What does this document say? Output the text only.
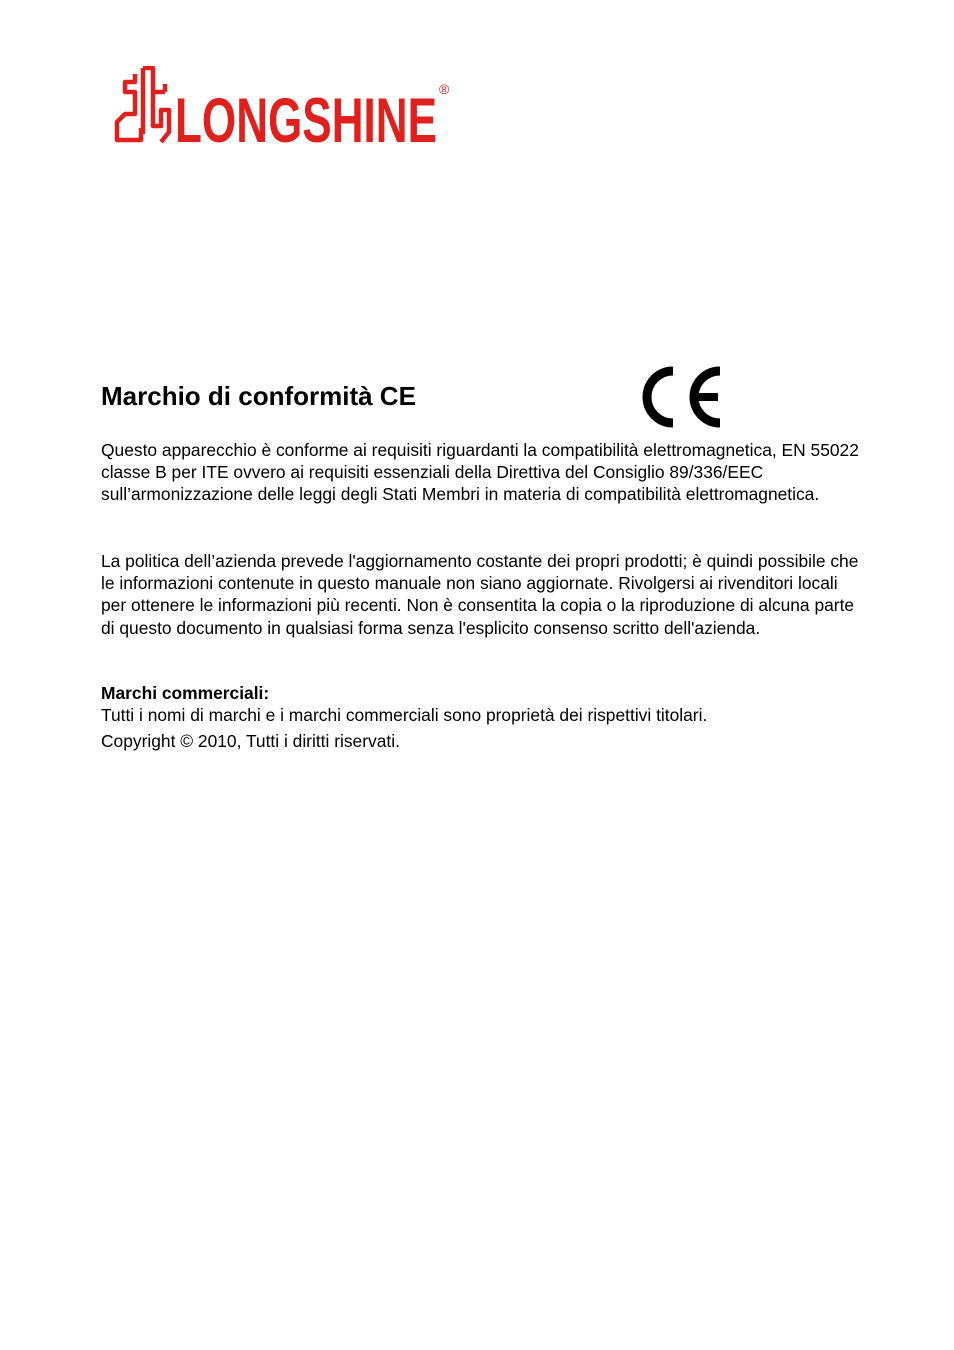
LONGSHINE ®
Marchio di conformità CE

Questo apparecchio è conforme ai requisiti riguardanti la compatibilità elettromagnetica, EN 55022 classe B per ITE ovvero ai requisiti essenziali della Direttiva del Consiglio 89/336/EEC sull’armonizzazione delle leggi degli Stati Membri in materia di compatibilità elettromagnetica.

La politica dell’azienda prevede l'aggiornamento costante dei propri prodotti; è quindi possibile che le informazioni contenute in questo manuale non siano aggiornate. Rivolgersi ai rivenditori locali per ottenere le informazioni più recenti. Non è consentita la copia o la riproduzione di alcuna parte di questo documento in qualsiasi forma senza l'esplicito consenso scritto dell'azienda.

Marchi commerciali:

Tutti i nomi di marchi e i marchi commerciali sono proprietà dei rispettivi titolari.

Copyright © 2010, Tutti i diritti riservati.
